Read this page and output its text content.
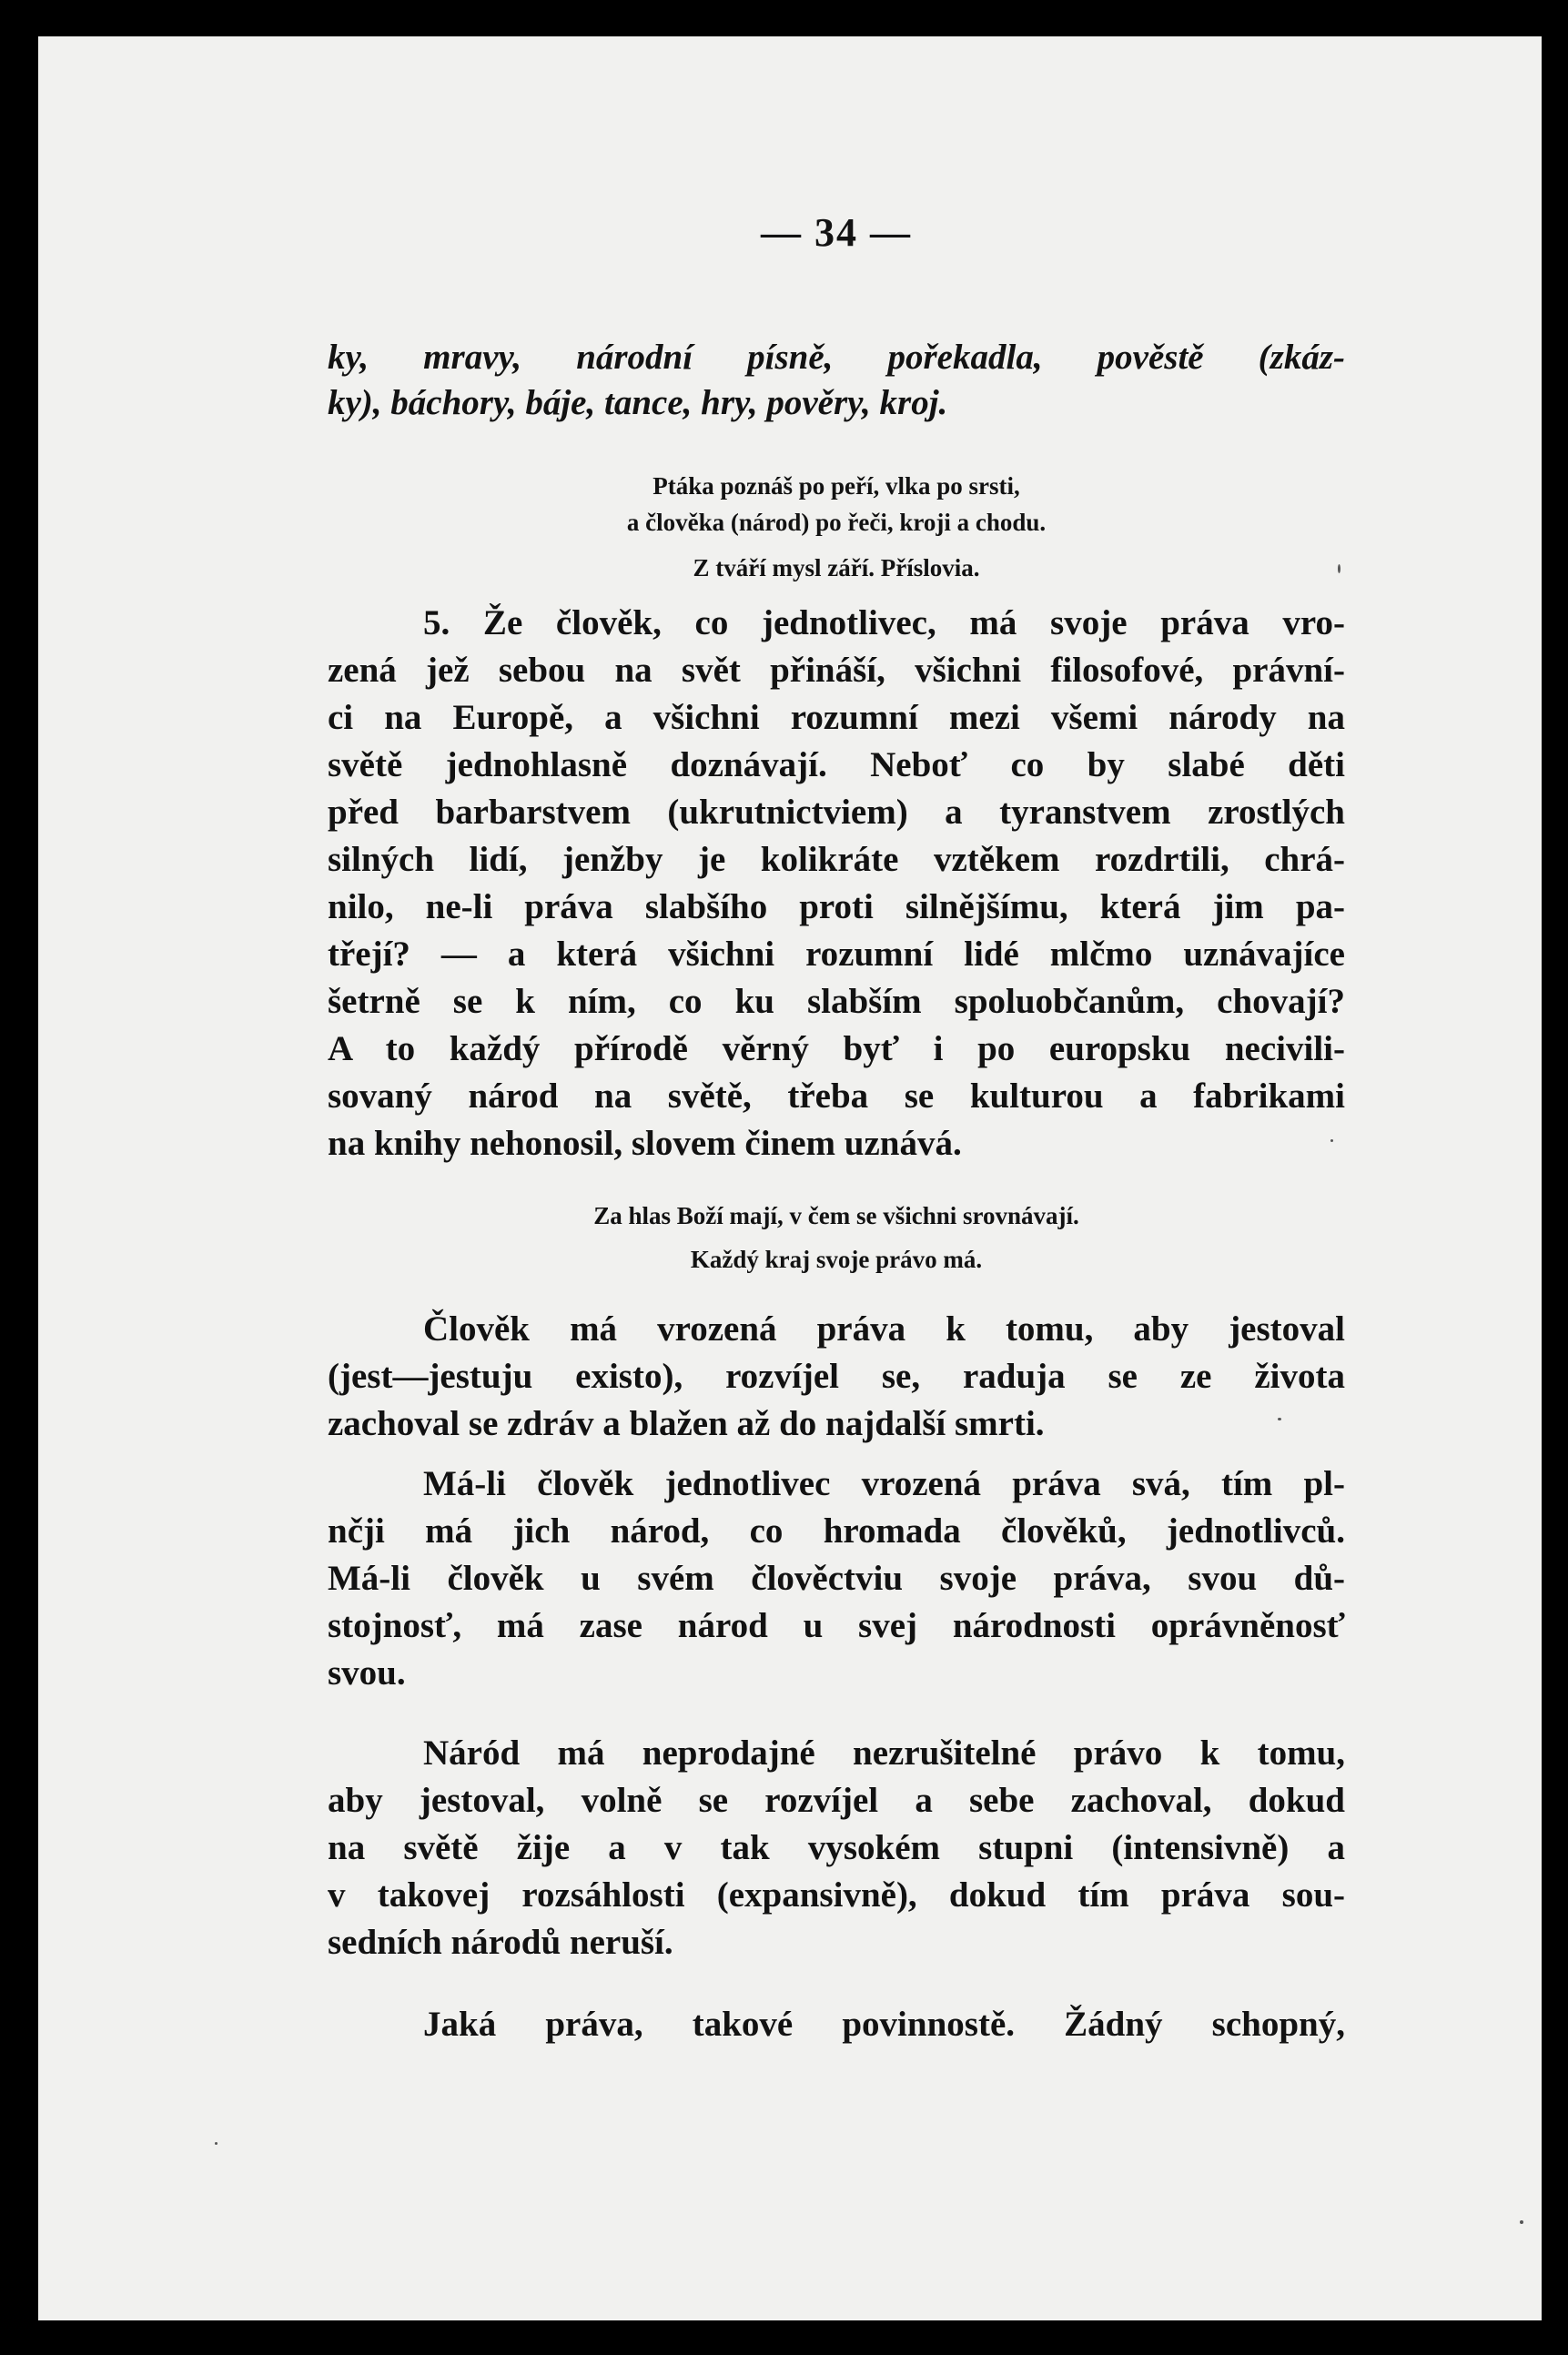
— 34 —
ky, mravy, národní písně, pořekadla, pověstě (zkáz-
ky), báchory, báje, tance, hry, pověry, kroj.
Ptáka poznáš po peří, vlka po srsti,
a člověka (národ) po řeči, kroji a chodu.
Z tváří mysl září. Příslovia.
5. Že člověk, co jednotlivec, má svoje práva vro-
zená jež sebou na svět přináší, všichni filosofové, právní-
ci na Europě, a všichni rozumní mezi všemi národy na
světě jednohlasně doznávají. Neboť co by slabé děti
před barbarstvem (ukrutnictviem) a tyranstvem zrostlých
silných lidí, jenžby je kolikráte vztěkem rozdrtili, chrá-
nilo, ne-li práva slabšího proti silnějšímu, která jim pa-
třejí? — a která všichni rozumní lidé mlčmo uznávajíce
šetrně se k ním, co ku slabším spoluobčanům, chovají?
A to každý přírodě věrný byť i po europsku necivili-
sovaný národ na světě, třeba se kulturou a fabrikami
na knihy nehonosil, slovem činem uznává.
Za hlas Boží mají, v čem se všichni srovnávají.
Každý kraj svoje právo má.
Člověk má vrozená práva k tomu, aby jestoval
(jest—jestuju existo), rozvíjel se, raduja se ze života
zachoval se zdráv a blažen až do najdalší smrti.
Má-li člověk jednotlivec vrozená práva svá, tím pl-
nčji má jich národ, co hromada člověků, jednotlivců.
Má-li člověk u svém člověctviu svoje práva, svou dů-
stojnosť, má zase národ u svej národnosti oprávněnosť
svou.
Náród má neprodajné nezrušitelné právo k tomu,
aby jestoval, volně se rozvíjel a sebe zachoval, dokud
na světě žije a v tak vysokém stupni (intensivně) a
v takovej rozsáhlosti (expansivně), dokud tím práva sou-
sedních národů neruší.
Jaká práva, takové povinnostě. Žádný schopný,
